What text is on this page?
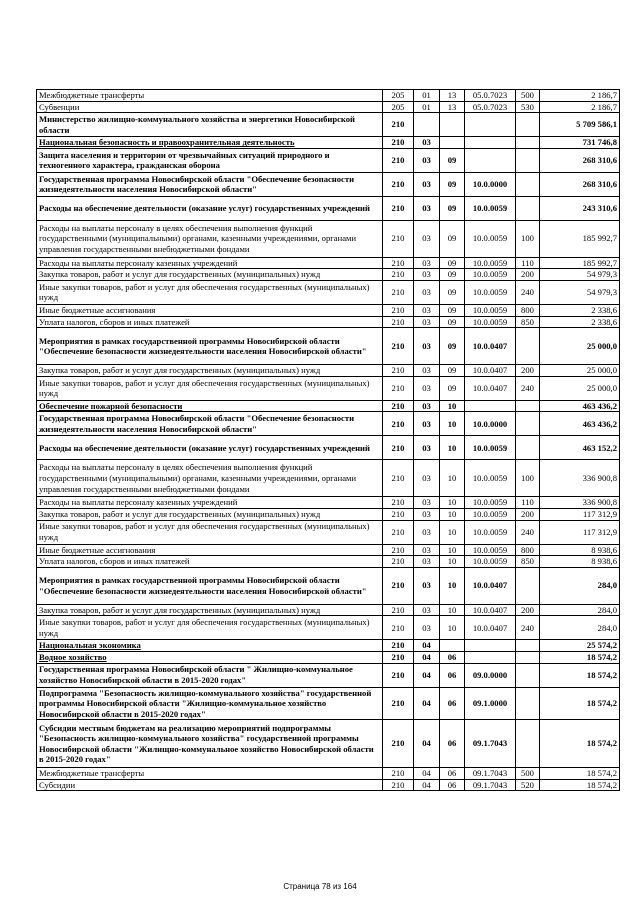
Межбюджетные трансферты	205	01	13	05.0.7023	500	2 186,7
Субвенции	205	01	13	05.0.7023	530	2 186,7
Министерство жилищно-коммунального хозяйства и энергетики Новосибирской области	210					5 709 586,1
Национальная безопасность и правоохранительная деятельность	210	03				731 746,8
Защита населения и территории от чрезвычайных ситуаций природного и техногенного характера, гражданская оборона	210	03	09			268 310,6
Государственная программа Новосибирской области "Обеспечение безопасности жизнедеятельности населения Новосибирской области"	210	03	09	10.0.0000		268 310,6
Расходы на обеспечение деятельности (оказание услуг) государственных учреждений	210	03	09	10.0.0059		243 310,6
Расходы на выплаты персоналу в целях обеспечения выполнения функций государственными (муниципальными) органами, казенными учреждениями, органами управления государственными внебюджетными фондами	210	03	09	10.0.0059	100	185 992,7
Расходы на выплаты персоналу казенных учреждений	210	03	09	10.0.0059	110	185 992,7
Закупка товаров, работ и услуг для государственных (муниципальных) нужд	210	03	09	10.0.0059	200	54 979,3
Иные закупки товаров, работ и услуг для обеспечения государственных (муниципальных) нужд	210	03	09	10.0.0059	240	54 979,3
Иные бюджетные ассигнования	210	03	09	10.0.0059	800	2 338,6
Уплата налогов, сборов и иных платежей	210	03	09	10.0.0059	850	2 338,6
Мероприятия в рамках государственной программы Новосибирской области "Обеспечение безопасности жизнедеятельности населения Новосибирской области"	210	03	09	10.0.0407		25 000,0
Закупка товаров, работ и услуг для государственных (муниципальных) нужд	210	03	09	10.0.0407	200	25 000,0
Иные закупки товаров, работ и услуг для обеспечения государственных (муниципальных) нужд	210	03	09	10.0.0407	240	25 000,0
Обеспечение пожарной безопасности	210	03	10			463 436,2
Государственная программа Новосибирской области "Обеспечение безопасности жизнедеятельности населения Новосибирской области"	210	03	10	10.0.0000		463 436,2
Расходы на обеспечение деятельности (оказание услуг) государственных учреждений	210	03	10	10.0.0059		463 152,2
Расходы на выплаты персоналу в целях обеспечения выполнения функций государственными (муниципальными) органами, казенными учреждениями, органами управления государственными внебюджетными фондами	210	03	10	10.0.0059	100	336 900,8
Расходы на выплаты персоналу казенных учреждений	210	03	10	10.0.0059	110	336 900,8
Закупка товаров, работ и услуг для государственных (муниципальных) нужд	210	03	10	10.0.0059	200	117 312,9
Иные закупки товаров, работ и услуг для обеспечения государственных (муниципальных) нужд	210	03	10	10.0.0059	240	117 312,9
Иные бюджетные ассигнования	210	03	10	10.0.0059	800	8 938,6
Уплата налогов, сборов и иных платежей	210	03	10	10.0.0059	850	8 938,6
Мероприятия в рамках государственной программы Новосибирской области "Обеспечение безопасности жизнедеятельности населения Новосибирской области"	210	03	10	10.0.0407		284,0
Закупка товаров, работ и услуг для государственных (муниципальных) нужд	210	03	10	10.0.0407	200	284,0
Иные закупки товаров, работ и услуг для обеспечения государственных (муниципальных) нужд	210	03	10	10.0.0407	240	284,0
Национальная экономика	210	04				25 574,2
Водное хозяйство	210	04	06			18 574,2
Государственная программа Новосибирской области " Жилищно-коммунальное хозяйство Новосибирской области в 2015-2020 годах"	210	04	06	09.0.0000		18 574,2
Подпрограмма "Безопасность жилищно-коммунального хозяйства" государственной программы Новосибирской области "Жилищно-коммунальное хозяйство Новосибирской области в 2015-2020 годах"	210	04	06	09.1.0000		18 574,2
Субсидии местным бюджетам на реализацию мероприятий подпрограммы "Безопасность жилищно-коммунального хозяйства" государственной программы Новосибирской области "Жилищно-коммунальное хозяйство Новосибирской области в 2015-2020 годах"	210	04	06	09.1.7043		18 574,2
Межбюджетные трансферты	210	04	06	09.1.7043	500	18 574,2
Субсидии	210	04	06	09.1.7043	520	18 574,2
Страница 78 из 164
